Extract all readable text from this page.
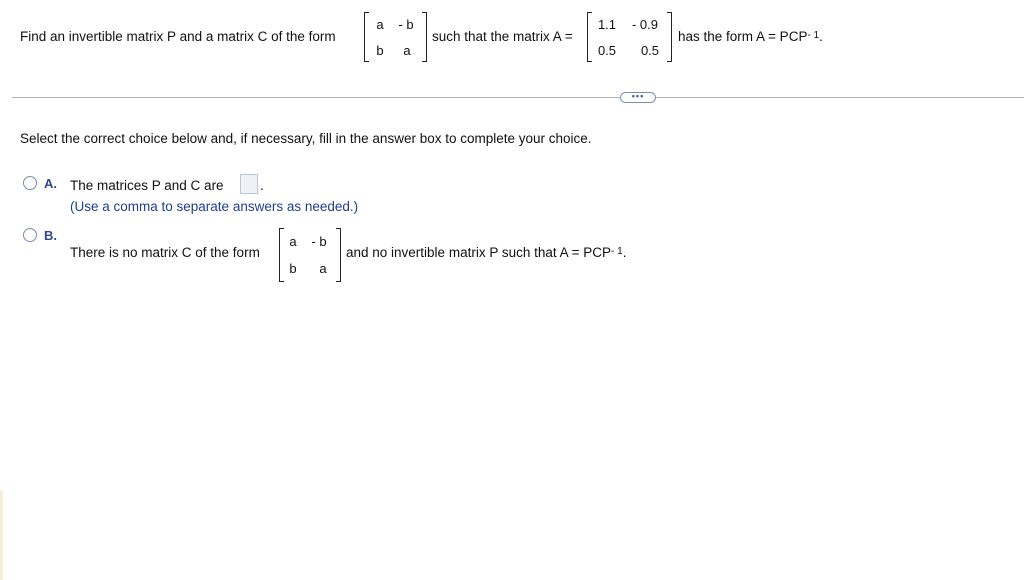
Find an invertible matrix P and a matrix C of the form
a	- b
b a
such that the matrix A =
1.1	- 0.9
0.5	0.5
has the form $A = PCP^{- 1}$.
•••
Select the correct choice below and, if necessary, fill in the answer box to complete your choice.
A. The matrices P and C are	.
(Use a comma to separate answers as needed.)
B.
There is no matrix C of the form
a	- b
b a
and no invertible matrix P such that $A = PCP^{- 1}$.
